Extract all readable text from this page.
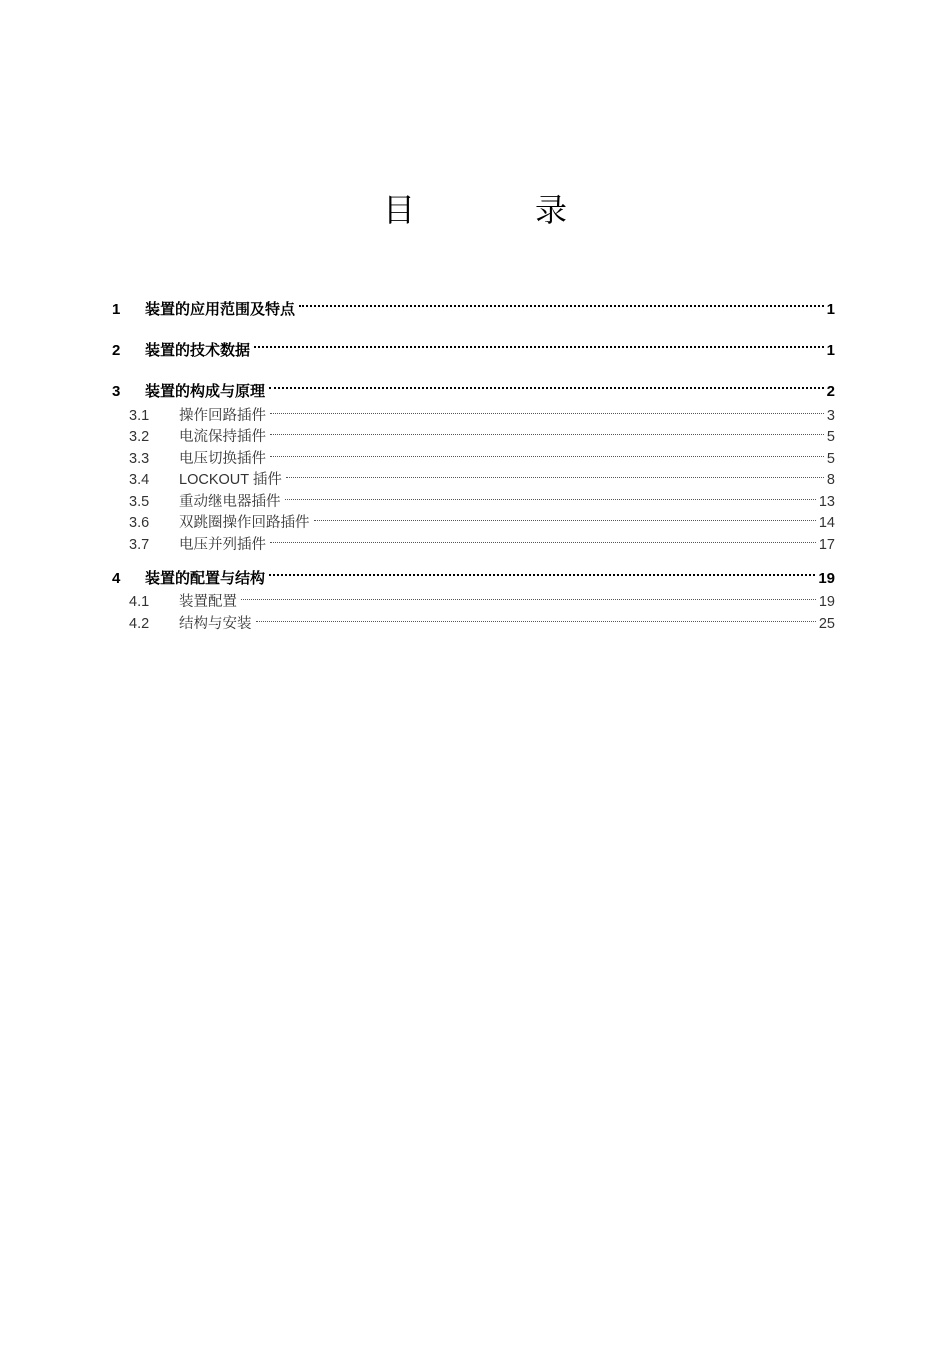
目　录
1	装置的应用范围及特点	1
2	装置的技术数据	1
3	装置的构成与原理	2
3.1	操作回路插件	3
3.2	电流保持插件	5
3.3	电压切换插件	5
3.4	LOCKOUT 插件	8
3.5	重动继电器插件	13
3.6	双跳圈操作回路插件	14
3.7	电压并列插件	17
4	装置的配置与结构	19
4.1	装置配置	19
4.2	结构与安装	25
